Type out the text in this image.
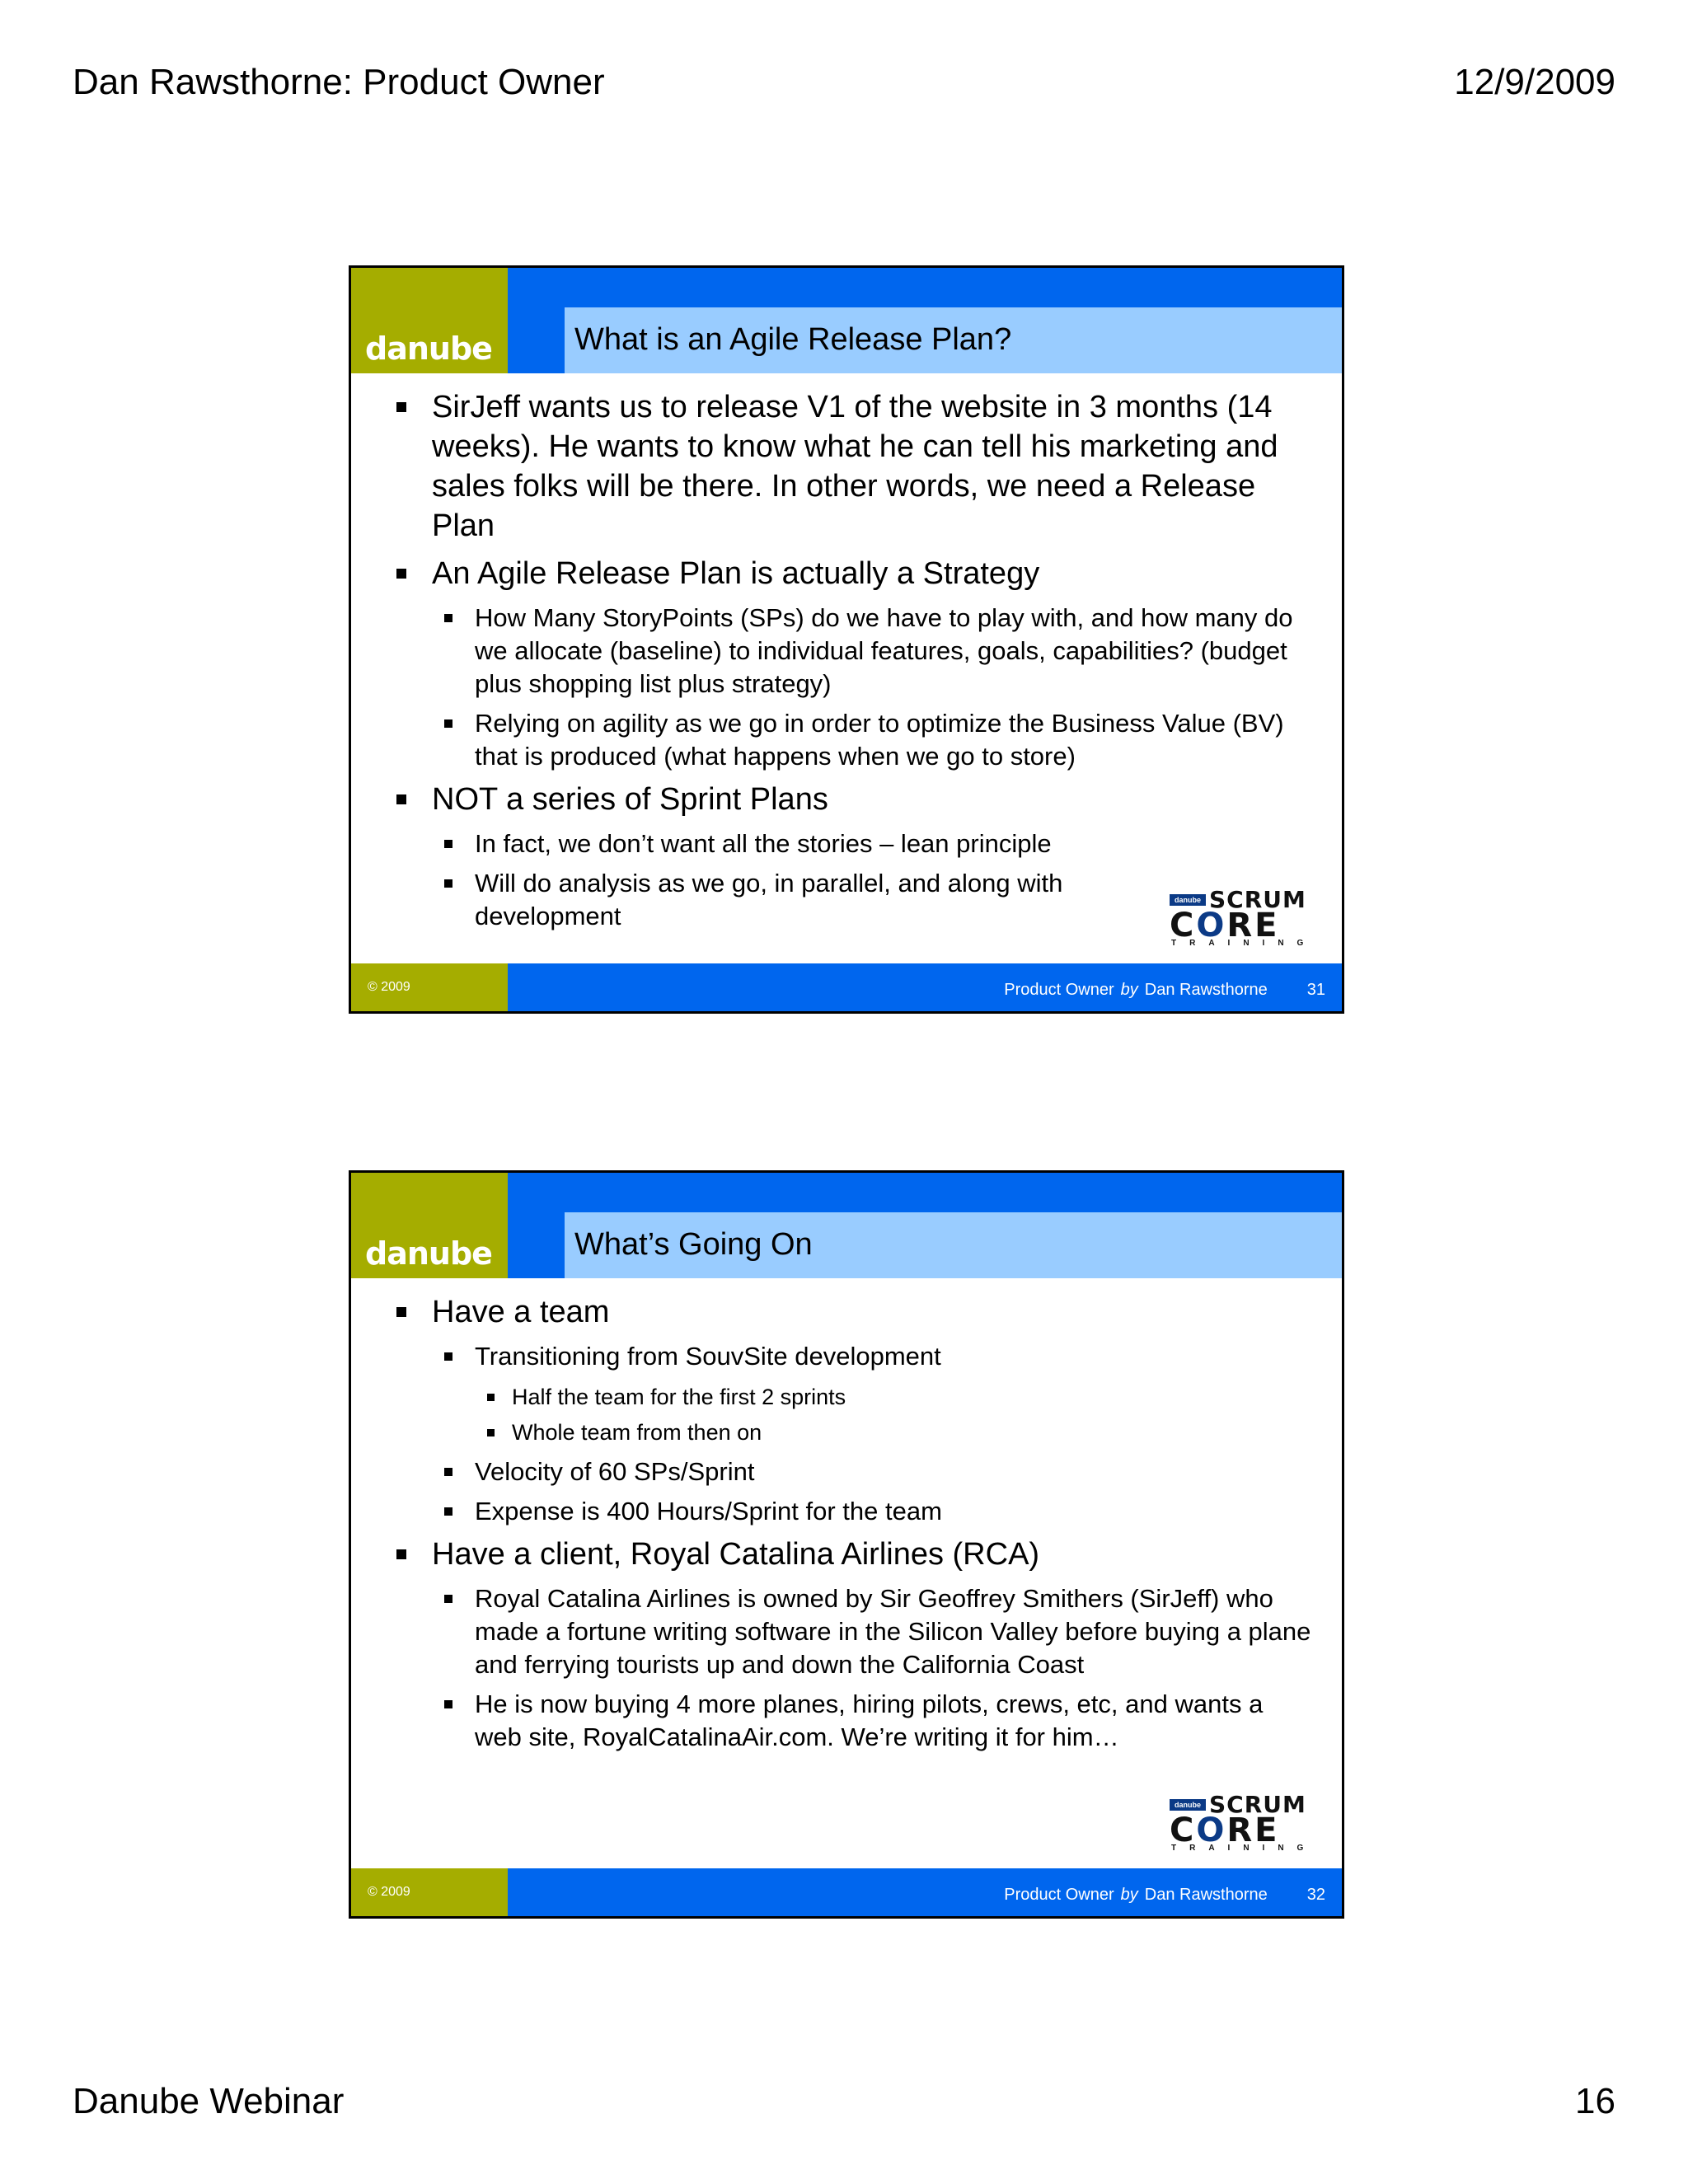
Dan Rawsthorne: Product Owner	12/9/2009
danube	What is an Agile Release Plan?
SirJeff wants us to release V1 of the website in 3 months (14 weeks). He wants to know what he can tell his marketing and sales folks will be there. In other words, we need a Release Plan
An Agile Release Plan is actually a Strategy
How Many StoryPoints (SPs) do we have to play with, and how many do we allocate (baseline) to individual features, goals, capabilities? (budget plus shopping list plus strategy)
Relying on agility as we go in order to optimize the Business Value (BV) that is produced (what happens when we go to store)
NOT a series of Sprint Plans
In fact, we don’t want all the stories – lean principle
Will do analysis as we go, in parallel, and along with development
danube SCRUM
CORE
TRAINING
© 2009	Product Owner by Dan Rawsthorne 31
danube	What’s Going On
Have a team
Transitioning from SouvSite development
Half the team for the first 2 sprints
Whole team from then on
Velocity of 60 SPs/Sprint
Expense is 400 Hours/Sprint for the team
Have a client, Royal Catalina Airlines (RCA)
Royal Catalina Airlines is owned by Sir Geoffrey Smithers (SirJeff) who made a fortune writing software in the Silicon Valley before buying a plane and ferrying tourists up and down the California Coast
He is now buying 4 more planes, hiring pilots, crews, etc, and wants a web site, RoyalCatalinaAir.com. We’re writing it for him…
danube SCRUM
CORE
TRAINING
© 2009	Product Owner by Dan Rawsthorne 32
Danube Webinar	16
